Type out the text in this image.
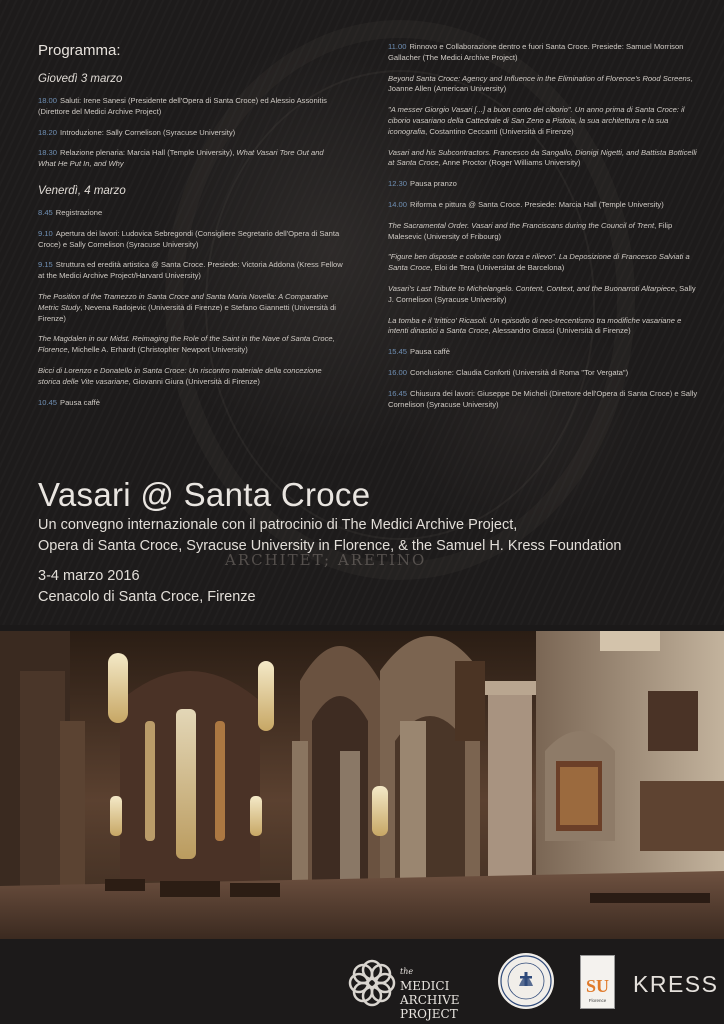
ARCHITET; ARETINO
Programma:
Giovedì 3 marzo
18.00 Saluti: Irene Sanesi (Presidente dell'Opera di Santa Croce) ed Alessio Assonitis (Direttore del Medici Archive Project)
18.20 Introduzione: Sally Cornelison (Syracuse University)
18.30 Relazione plenaria: Marcia Hall (Temple University), What Vasari Tore Out and What He Put In, and Why
Venerdì, 4 marzo
8.45 Registrazione
9.10 Apertura dei lavori: Ludovica Sebregondi (Consigliere Segretario dell'Opera di Santa Croce) e Sally Cornelison (Syracuse University)
9.15 Struttura ed eredità artistica @ Santa Croce. Presiede: Victoria Addona (Kress Fellow at the Medici Archive Project/Harvard University)
The Position of the Tramezzo in Santa Croce and Santa Maria Novella: A Comparative Metric Study, Nevena Radojevic (Università di Firenze) e Stefano Giannetti (Università di Firenze)
The Magdalen in our Midst. Reimaging the Role of the Saint in the Nave of Santa Croce, Florence, Michelle A. Erhardt (Christopher Newport University)
Bicci di Lorenzo e Donatello in Santa Croce: Un riscontro materiale della concezione storica delle Vite vasariane, Giovanni Giura (Università di Firenze)
10.45 Pausa caffè
11.00 Rinnovo e Collaborazione dentro e fuori Santa Croce. Presiede: Samuel Morrison Gallacher (The Medici Archive Project)
Beyond Santa Croce: Agency and Influence in the Elimination of Florence's Rood Screens, Joanne Allen (American University)
"A messer Giorgio Vasari [...] a buon conto del ciborio". Un anno prima di Santa Croce: il ciborio vasariano della Cattedrale di San Zeno a Pistoia, la sua architettura e la sua iconografia, Costantino Ceccanti (Università di Firenze)
Vasari and his Subcontractors. Francesco da Sangallo, Dionigi Nigetti, and Battista Botticelli at Santa Croce, Anne Proctor (Roger Williams University)
12.30 Pausa pranzo
14.00 Riforma e pittura @ Santa Croce. Presiede: Marcia Hall (Temple University)
The Sacramental Order. Vasari and the Franciscans during the Council of Trent, Filip Malesevic (University of Fribourg)
"Figure ben disposte e colorite con forza e rilievo". La Deposizione di Francesco Salviati a Santa Croce, Eloi de Tera (Universitat de Barcelona)
Vasari's Last Tribute to Michelangelo. Content, Context, and the Buonarroti Altarpiece, Sally J. Cornelison (Syracuse University)
La tomba e il 'trittico' Ricasoli. Un episodio di neo-trecentismo tra modifiche vasariane e intenti dinastici a Santa Croce, Alessandro Grassi (Università di Firenze)
15.45 Pausa caffè
16.00 Conclusione: Claudia Conforti (Università di Roma "Tor Vergata")
16.45 Chiusura dei lavori: Giuseppe De Micheli (Direttore dell'Opera di Santa Croce) e Sally Cornelison (Syracuse University)
Vasari @ Santa Croce
Un convegno internazionale con il patrocinio di The Medici Archive Project,
Opera di Santa Croce, Syracuse University in Florence, & the Samuel H. Kress Foundation
3-4 marzo 2016
Cenacolo di Santa Croce, Firenze
the
MEDICI
ARCHIVE
PROJECT
SU
Florence
KRESS
